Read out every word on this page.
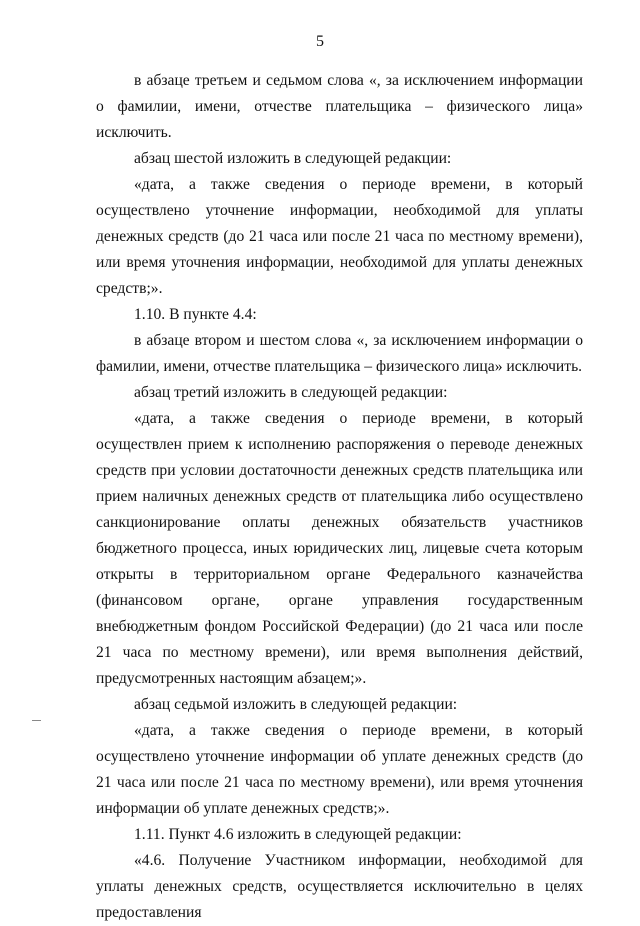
5

в абзаце третьем и седьмом слова «, за исключением информации о фамилии, имени, отчестве плательщика – физического лица» исключить.

абзац шестой изложить в следующей редакции:

«дата, а также сведения о периоде времени, в который осуществлено уточнение информации, необходимой для уплаты денежных средств (до 21 часа или после 21 часа по местному времени), или время уточнения информации, необходимой для уплаты денежных средств;».

1.10. В пункте 4.4:

в абзаце втором и шестом слова «, за исключением информации о фамилии, имени, отчестве плательщика – физического лица» исключить.

абзац третий изложить в следующей редакции:

«дата, а также сведения о периоде времени, в который осуществлен прием к исполнению распоряжения о переводе денежных средств при условии достаточности денежных средств плательщика или прием наличных денежных средств от плательщика либо осуществлено санкционирование оплаты денежных обязательств участников бюджетного процесса, иных юридических лиц, лицевые счета которым открыты в территориальном органе Федерального казначейства (финансовом органе, органе управления государственным внебюджетным фондом Российской Федерации) (до 21 часа или после 21 часа по местному времени), или время выполнения действий, предусмотренных настоящим абзацем;».

абзац седьмой изложить в следующей редакции:

«дата, а также сведения о периоде времени, в который осуществлено уточнение информации об уплате денежных средств (до 21 часа или после 21 часа по местному времени), или время уточнения информации об уплате денежных средств;».

1.11. Пункт 4.6 изложить в следующей редакции:

«4.6. Получение Участником информации, необходимой для уплаты денежных средств, осуществляется исключительно в целях предоставления
